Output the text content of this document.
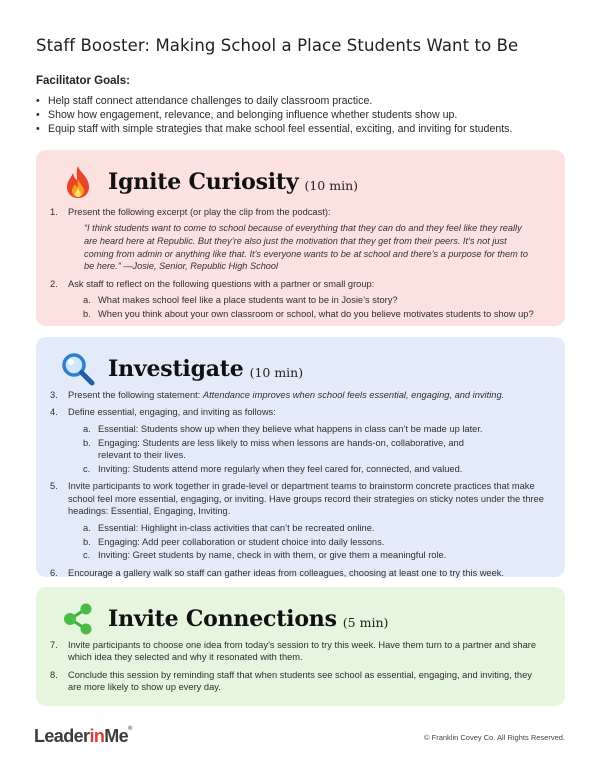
Staff Booster: Making School a Place Students Want to Be
Facilitator Goals:
• Help staff connect attendance challenges to daily classroom practice.
• Show how engagement, relevance, and belonging influence whether students show up.
• Equip staff with simple strategies that make school feel essential, exciting, and inviting for students.
Ignite Curiosity (10 min)
1.	Present the following excerpt (or play the clip from the podcast):
“I think students want to come to school because of everything that they can do and they feel like they really are heard here at Republic. But they’re also just the motivation that they get from their peers. It’s not just coming from admin or anything like that. It’s everyone wants to be at school and there’s a purpose for them to be here.” —Josie, Senior, Republic High School
2.	Ask staff to reflect on the following questions with a partner or small group:
a. What makes school feel like a place students want to be in Josie’s story?
b. When you think about your own classroom or school, what do you believe motivates students to show up?
Investigate (10 min)
3.	Present the following statement: Attendance improves when school feels essential, engaging, and inviting.
4.	Define essential, engaging, and inviting as follows:
a. Essential: Students show up when they believe what happens in class can’t be made up later.
b. Engaging: Students are less likely to miss when lessons are hands-on, collaborative, and relevant to their lives.
c. Inviting: Students attend more regularly when they feel cared for, connected, and valued.
5.	Invite participants to work together in grade-level or department teams to brainstorm concrete practices that make school feel more essential, engaging, or inviting. Have groups record their strategies on sticky notes under the three headings: Essential, Engaging, Inviting.
a. Essential: Highlight in-class activities that can’t be recreated online.
b. Engaging: Add peer collaboration or student choice into daily lessons.
c. Inviting: Greet students by name, check in with them, or give them a meaningful role.
6.	Encourage a gallery walk so staff can gather ideas from colleagues, choosing at least one to try this week.
Invite Connections (5 min)
7.	Invite participants to choose one idea from today’s session to try this week. Have them turn to a partner and share which idea they selected and why it resonated with them.
8.	Conclude this session by reminding staff that when students see school as essential, engaging, and inviting, they are more likely to show up every day.
LeaderinMe®
© Franklin Covey Co. All Rights Reserved.
